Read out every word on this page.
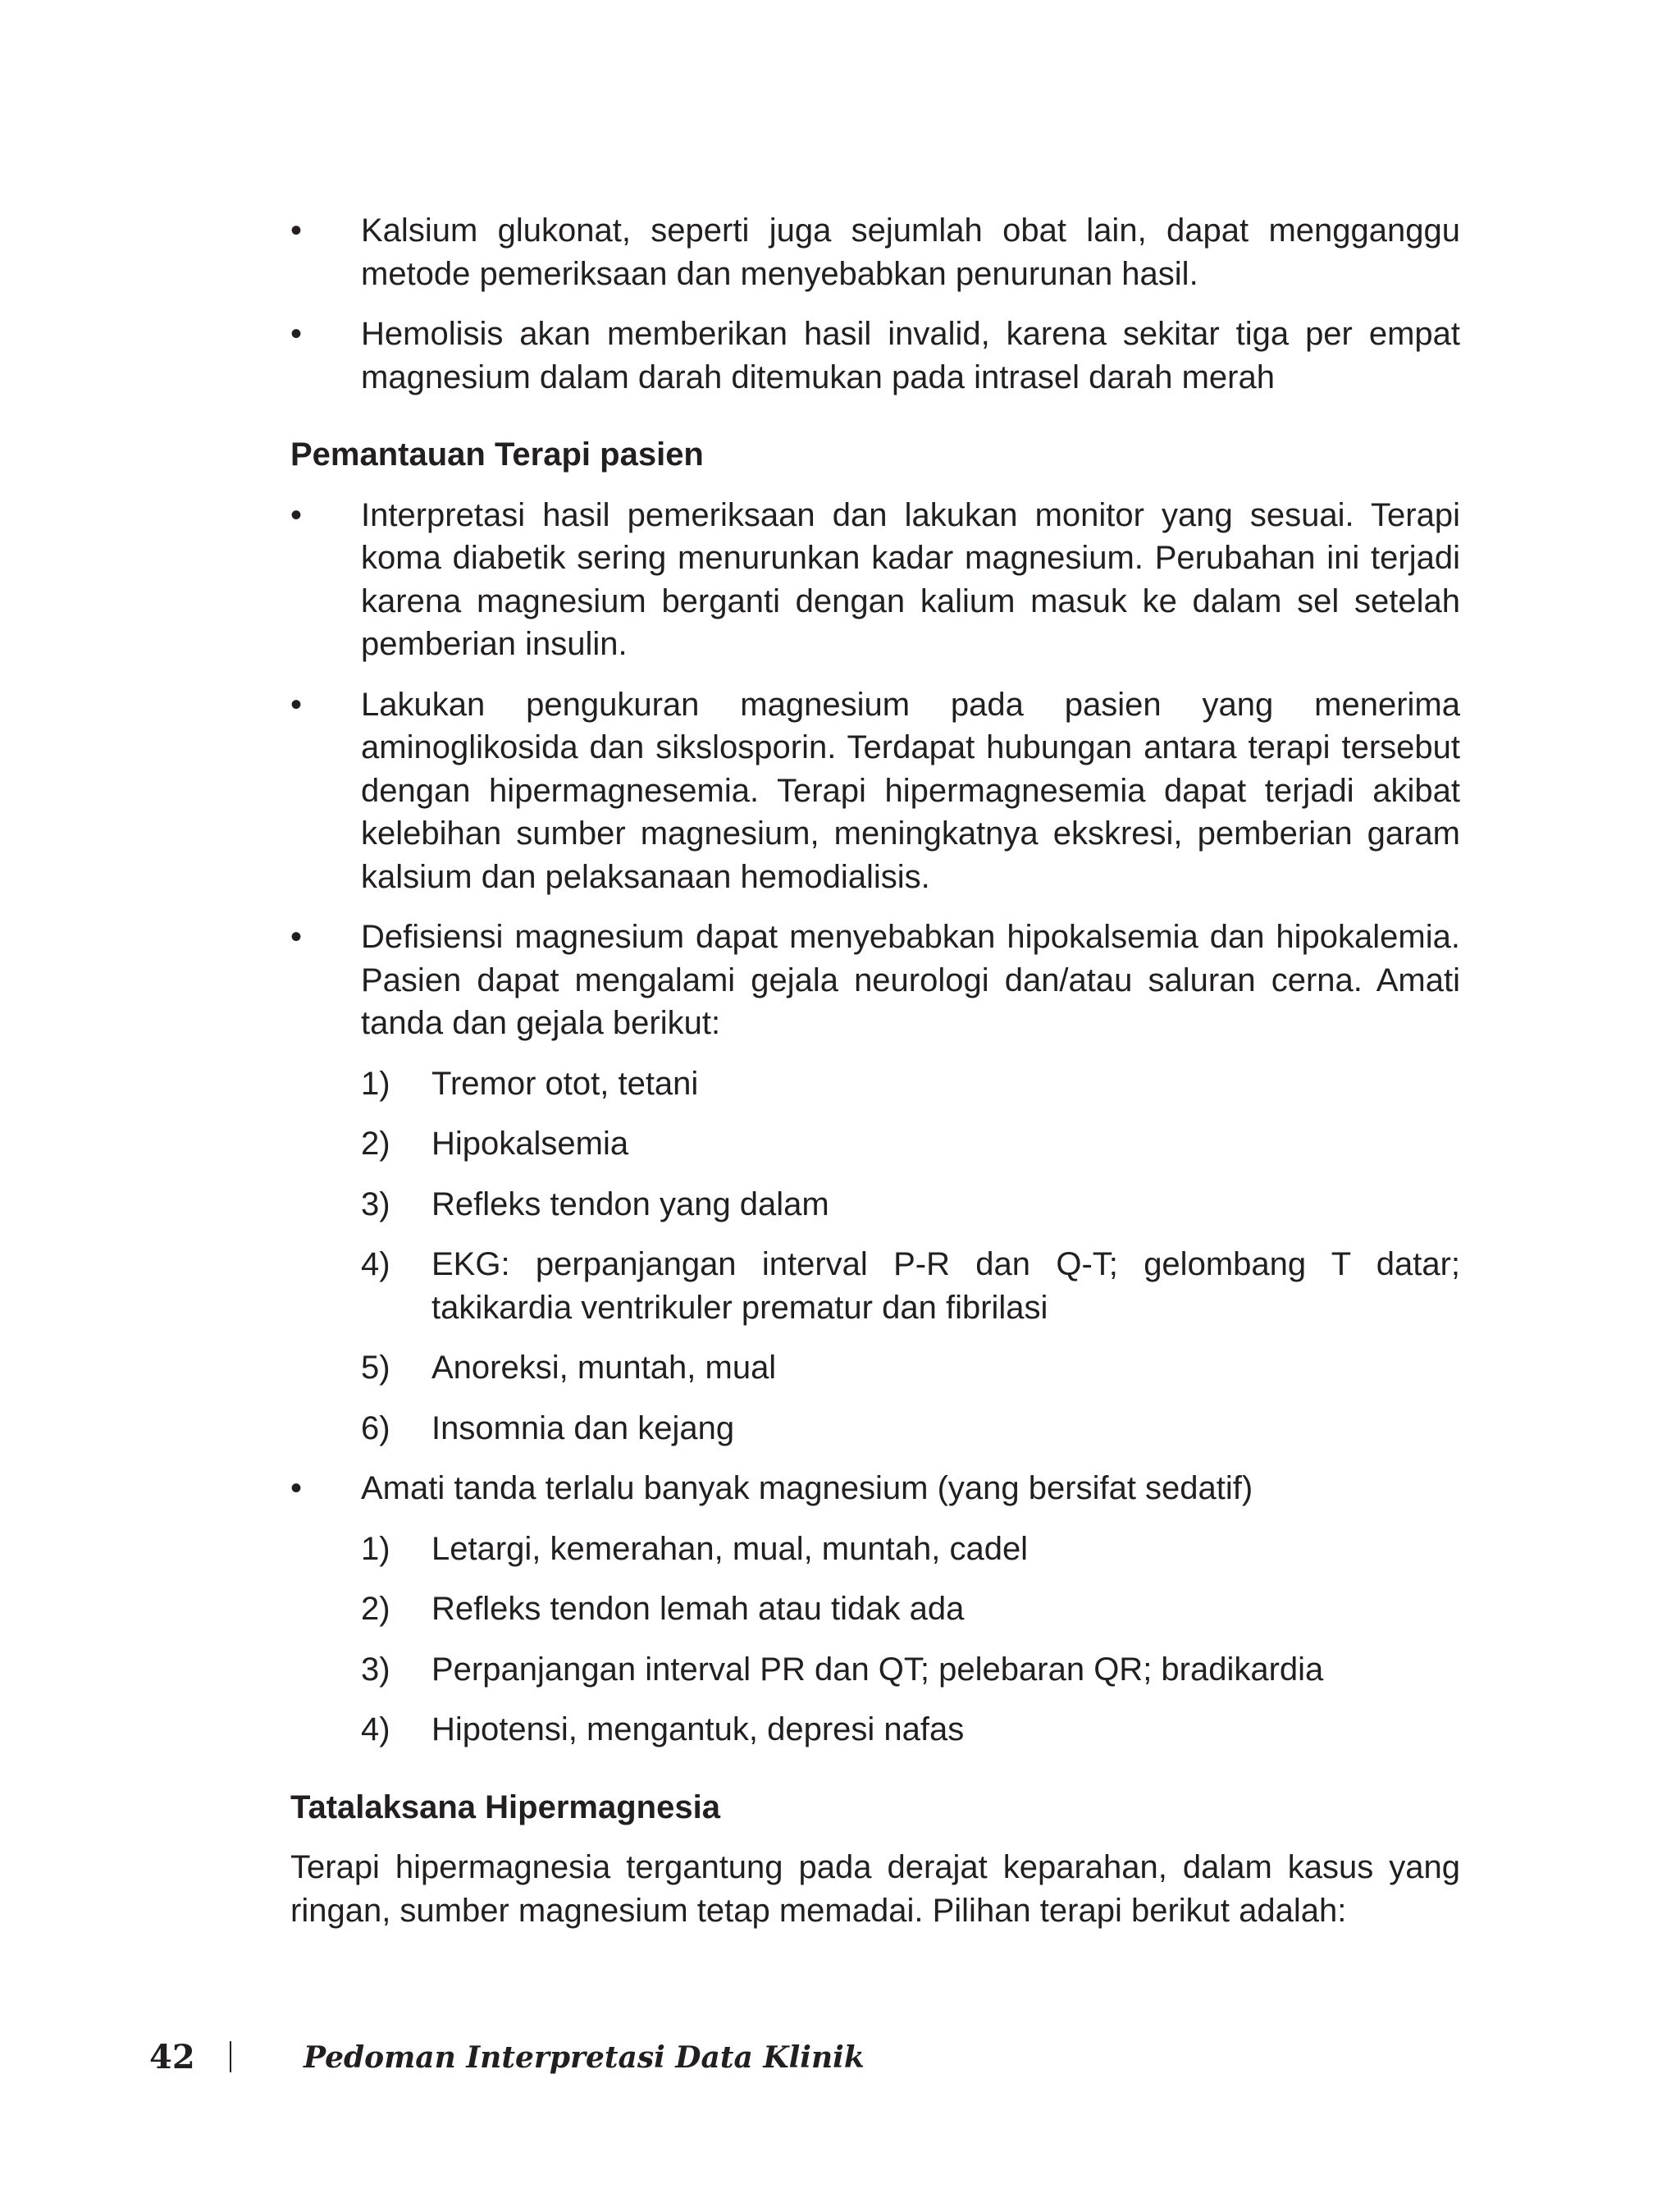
• Kalsium glukonat, seperti juga sejumlah obat lain, dapat mengganggu metode pemeriksaan dan menyebabkan penurunan hasil.
• Hemolisis akan memberikan hasil invalid, karena sekitar tiga per empat magnesium dalam darah ditemukan pada intrasel darah merah
Pemantauan Terapi pasien
• Interpretasi hasil pemeriksaan dan lakukan monitor yang sesuai. Terapi koma diabetik sering menurunkan kadar magnesium. Perubahan ini terjadi karena magnesium berganti dengan kalium masuk ke dalam sel setelah pemberian insulin.
• Lakukan pengukuran magnesium pada pasien yang menerima aminoglikosida dan sikslosporin. Terdapat hubungan antara terapi tersebut dengan hipermagnesemia. Terapi hipermagnesemia dapat terjadi akibat kelebihan sumber magnesium, meningkatnya ekskresi, pemberian garam kalsium dan pelaksanaan hemodialisis.
• Defisiensi magnesium dapat menyebabkan hipokalsemia dan hipokalemia. Pasien dapat mengalami gejala neurologi dan/atau saluran cerna. Amati tanda dan gejala berikut:
1) Tremor otot, tetani
2) Hipokalsemia
3) Refleks tendon yang dalam
4) EKG: perpanjangan interval P-R dan Q-T; gelombang T datar; takikardia ventrikuler prematur dan fibrilasi
5) Anoreksi, muntah, mual
6) Insomnia dan kejang
• Amati tanda terlalu banyak magnesium (yang bersifat sedatif)
1) Letargi, kemerahan, mual, muntah, cadel
2) Refleks tendon lemah atau tidak ada
3) Perpanjangan interval PR dan QT; pelebaran QR; bradikardia
4) Hipotensi, mengantuk, depresi nafas
Tatalaksana Hipermagnesia
Terapi hipermagnesia tergantung pada derajat keparahan, dalam kasus yang ringan, sumber magnesium tetap memadai. Pilihan terapi berikut adalah:
42	Pedoman Interpretasi Data Klinik
